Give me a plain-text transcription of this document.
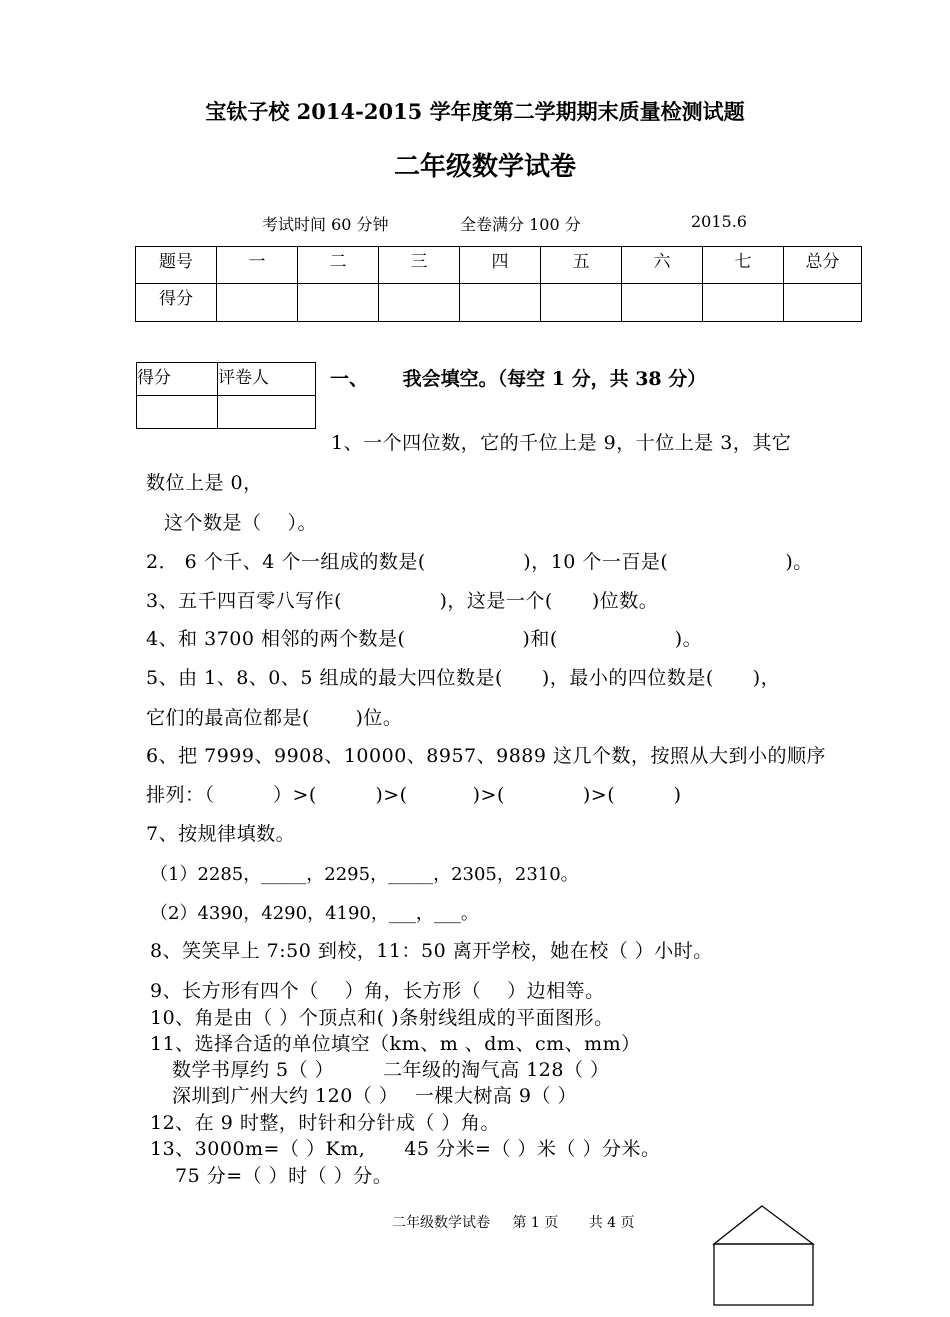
宝钛子校 2014-2015 学年度第二学期期末质量检测试题
二年级数学试卷
考试时间 60 分钟	全卷满分 100 分	2015.6
题号	一	二	三	四	五	六	七	总分
得分								
得分	评卷人
		一、 我会填空。（每空 1 分，共 38 分）
1、一个四位数，它的千位上是 9，十位上是 3，其它
数位上是 0，
这个数是（　 ）。
2． 6 个千、4 个一组成的数是(　　　　　)，10 个一百是(　　　　　　)。
3、五千四百零八写作(　　　　　)，这是一个(　　)位数。
4、和 3700 相邻的两个数是(　　　　　　)和(　　　　　　)。
5、由 1、8、0、5 组成的最大四位数是(　　)，最小的四位数是(　　)，
它们的最高位都是(　　 )位。
6、把 7999、9908、10000、8957、9889 这几个数，按照从大到小的顺序
排列：（　　　）>(　　　)>(　　　 )>(　　　　)>(　　　)
7、按规律填数。
（1）2285，_____，2295，_____，2305，2310。
（2）4390，4290，4190，___，___。
8、笑笑早上 7:50 到校，11：50 离开学校，她在校（ ）小时。
9、长方形有四个（　 ）角，长方形（　 ）边相等。
10、角是由（ ）个顶点和( )条射线组成的平面图形。
11、选择合适的单位填空（km、m 、dm、cm、mm）
数学书厚约 5（ ）　　　二年级的淘气高 128（ ）
深圳到广州大约 120（ ）　 一棵大树高 9（ ）
12、在 9 时整，时针和分针成（ ）角。
13、3000m=（ ）Km,　　45 分米=（ ）米（ ）分米。
75 分=（ ）时（ ）分。
二年级数学试卷 第 1 页 共 4 页
